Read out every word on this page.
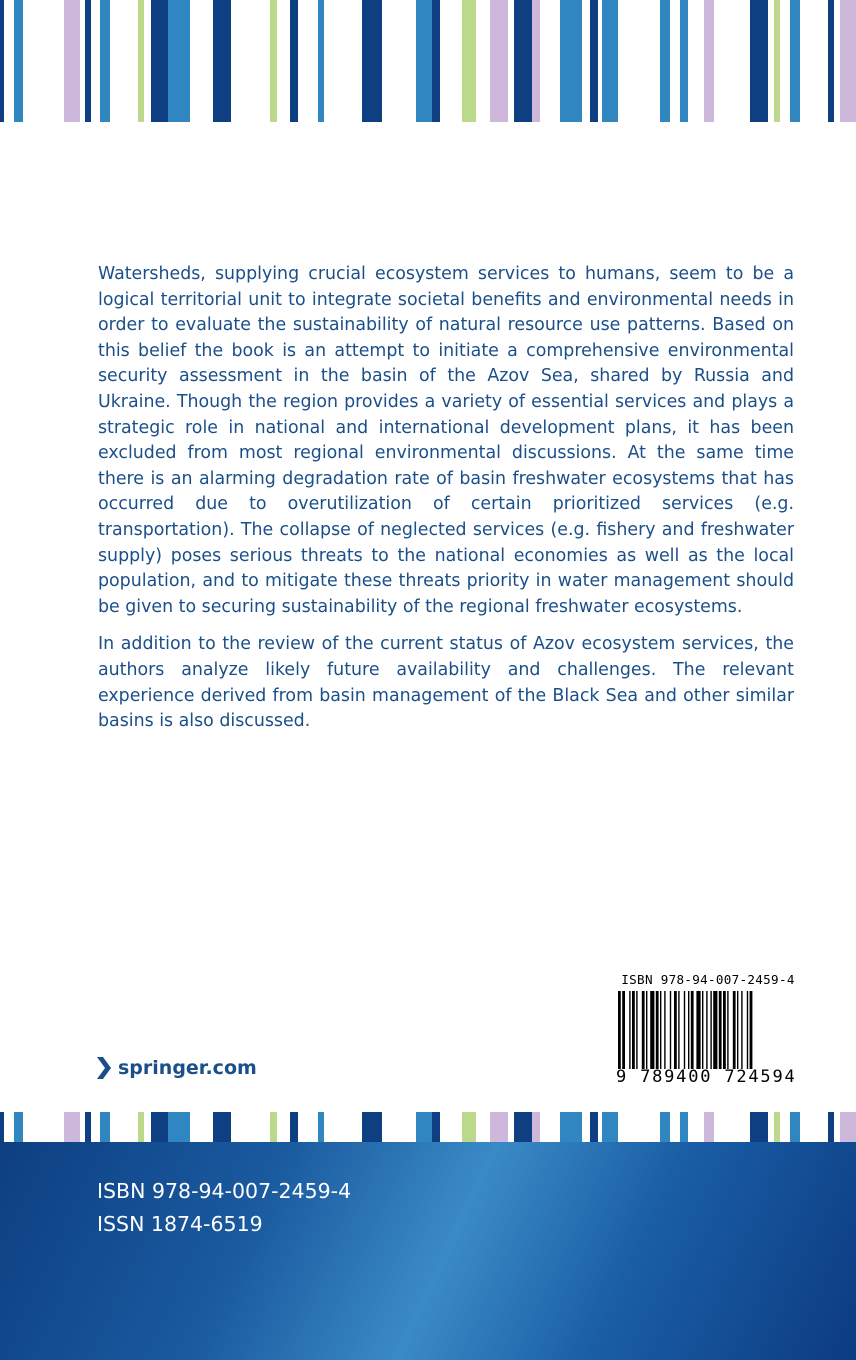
Watersheds, supplying crucial ecosystem services to humans, seem to be a logical territorial unit to integrate societal benefits and environmental needs in order to evaluate the sustainability of natural resource use patterns. Based on this belief the book is an attempt to initiate a comprehensive environmental security assessment in the basin of the Azov Sea, shared by Russia and Ukraine. Though the region provides a variety of essential services and plays a strategic role in national and international development plans, it has been excluded from most regional environmental discussions. At the same time there is an alarming degradation rate of basin freshwater ecosystems that has occurred due to overutilization of certain prioritized services (e.g. transportation). The collapse of neglected services (e.g. fishery and freshwater supply) poses serious threats to the national economies as well as the local population, and to mitigate these threats priority in water management should be given to securing sustainability of the regional freshwater ecosystems.

In addition to the review of the current status of Azov ecosystem services, the authors analyze likely future availability and challenges. The relevant experience derived from basin management of the Black Sea and other similar basins is also discussed.

ISBN 978-94-007-2459-4
9 789400 724594
springer.com
ISBN 978-94-007-2459-4
ISSN 1874-6519
